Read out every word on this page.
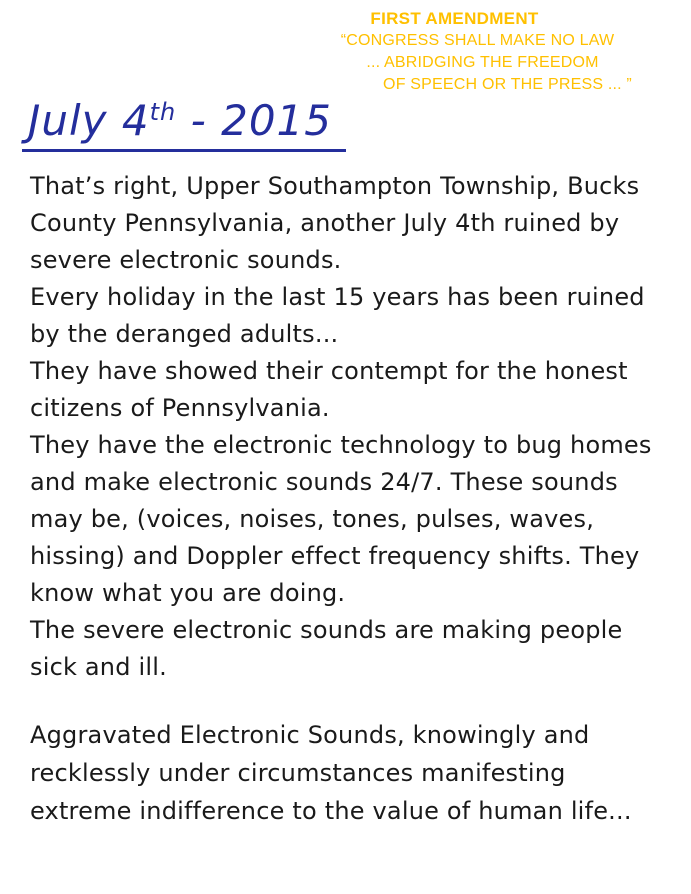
FIRST AMENDMENT
“CONGRESS SHALL MAKE NO LAW
... ABRIDGING THE FREEDOM
OF SPEECH OR THE PRESS ... ”
July 4th - 2015

That’s right, Upper Southampton Township, Bucks County Pennsylvania, another July 4th ruined by severe electronic sounds.

Every holiday in the last 15 years has been ruined by the deranged adults...

They have showed their contempt for the honest citizens of Pennsylvania.

They have the electronic technology to bug homes and make electronic sounds 24/7. These sounds may be, (voices, noises, tones, pulses, waves, hissing) and Doppler effect frequency shifts. They know what you are doing.

The severe electronic sounds are making people sick and ill.

Aggravated Electronic Sounds, knowingly and recklessly under circumstances manifesting extreme indifference to the value of human life...
